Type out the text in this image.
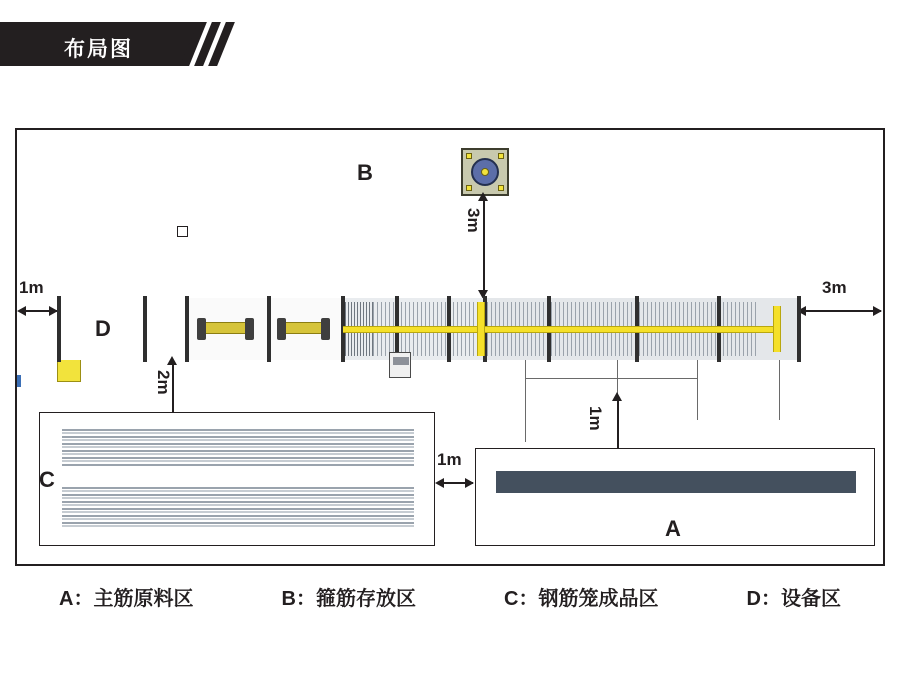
布局图
B
3m
1m	3m
D
2m
1m
1m
C
A
A：主筋原料区	B：箍筋存放区	C：钢筋笼成品区	D：设备区
